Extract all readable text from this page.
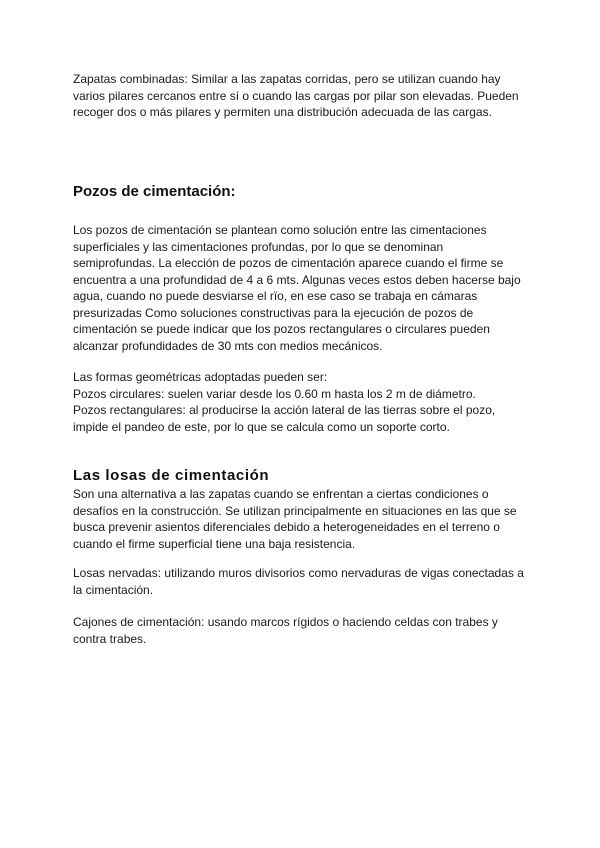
Zapatas combinadas: Similar a las zapatas corridas, pero se utilizan cuando hay
varios pilares cercanos entre sí o cuando las cargas por pilar son elevadas. Pueden
recoger dos o más pilares y permiten una distribución adecuada de las cargas.

Pozos de cimentación:

Los pozos de cimentación se plantean como solución entre las cimentaciones
superficiales y las cimentaciones profundas, por lo que se denominan
semiprofundas. La elección de pozos de cimentación aparece cuando el firme se
encuentra a una profundidad de 4 a 6 mts. Algunas veces estos deben hacerse bajo
agua, cuando no puede desviarse el rïo, en ese caso se trabaja en cámaras
presurizadas Como soluciones constructivas para la ejecución de pozos de
cimentación se puede indicar que los pozos rectangulares o circulares pueden
alcanzar profundidades de 30 mts con medios mecánicos.

Las formas geométricas adoptadas pueden ser:
Pozos circulares: suelen variar desde los 0.60 m hasta los 2 m de diámetro.
Pozos rectangulares: al producirse la acción lateral de las tierras sobre el pozo,
impide el pandeo de este, por lo que se calcula como un soporte corto.

Las losas de cimentación

Son una alternativa a las zapatas cuando se enfrentan a ciertas condiciones o
desafíos en la construcción. Se utilizan principalmente en situaciones en las que se
busca prevenir asientos diferenciales debido a heterogeneidades en el terreno o
cuando el firme superficial tiene una baja resistencia.

Losas nervadas: utilizando muros divisorios como nervaduras de vigas conectadas a
la cimentación.

Cajones de cimentación: usando marcos rígidos o haciendo celdas con trabes y
contra trabes.
